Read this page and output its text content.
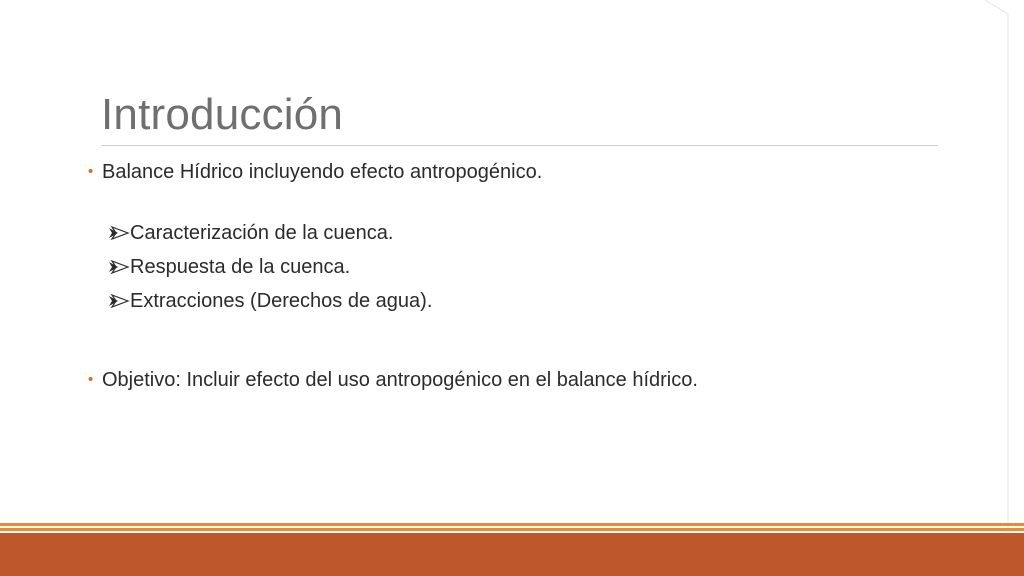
Introducción
• Balance Hídrico incluyendo efecto antropogénico.
Caracterización de la cuenca.
Respuesta de la cuenca.
Extracciones (Derechos de agua).
• Objetivo: Incluir efecto del uso antropogénico en el balance hídrico.
